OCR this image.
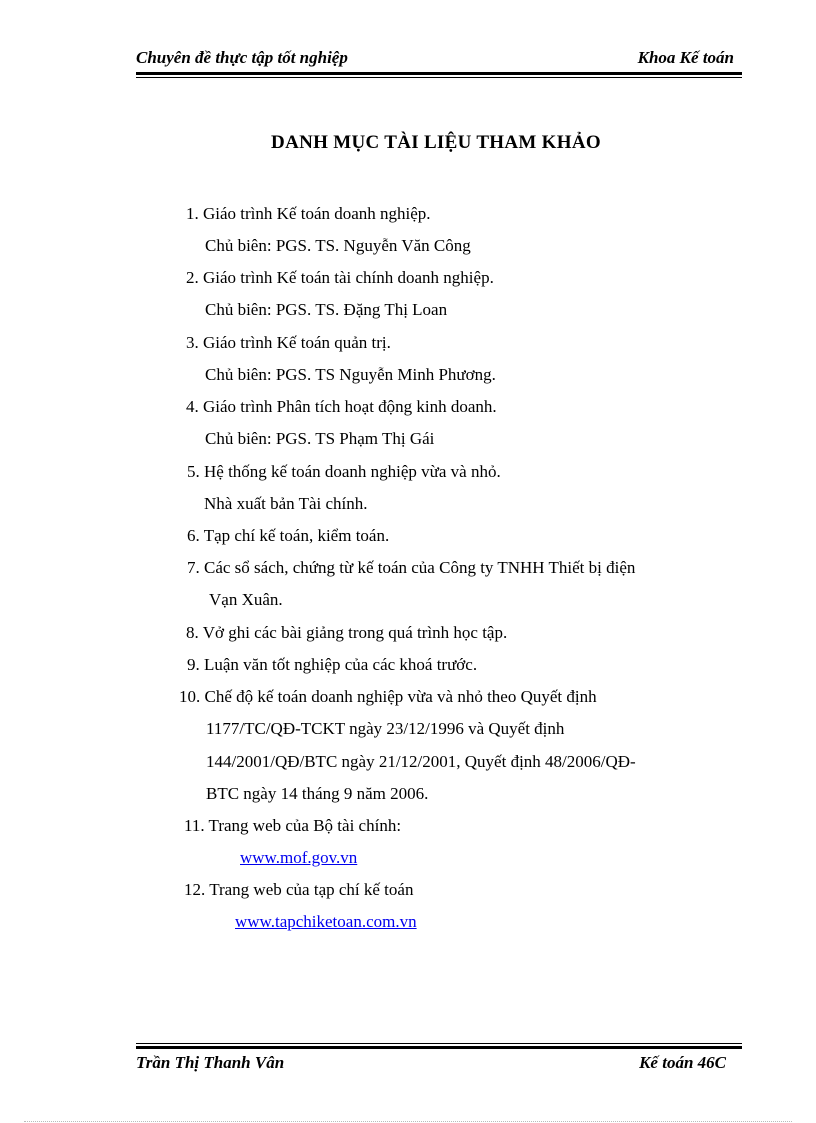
Chuyên đề thực tập tốt nghiệp	Khoa Kế toán
DANH MỤC TÀI LIỆU THAM KHẢO
1. Giáo trình Kế toán doanh nghiệp.
Chủ biên: PGS. TS. Nguyễn Văn Công
2. Giáo trình Kế toán tài chính doanh nghiệp.
Chủ biên: PGS. TS. Đặng Thị Loan
3. Giáo trình Kế toán quản trị.
Chủ biên: PGS. TS Nguyễn Minh Phương.
4. Giáo trình Phân tích hoạt động kinh doanh.
Chủ biên: PGS. TS Phạm Thị Gái
5. Hệ thống kế toán doanh nghiệp vừa và nhỏ.
Nhà xuất bản Tài chính.
6. Tạp chí kế toán, kiểm toán.
7. Các sổ sách, chứng từ kế toán của Công ty TNHH Thiết bị điện
Vạn Xuân.
8. Vở ghi các bài giảng trong quá trình học tập.
9. Luận văn tốt nghiệp của các khoá trước.
10. Chế độ kế toán doanh nghiệp vừa và nhỏ theo Quyết định
1177/TC/QĐ-TCKT ngày 23/12/1996 và Quyết định
144/2001/QĐ/BTC ngày 21/12/2001, Quyết định 48/2006/QĐ-
BTC ngày 14 tháng 9 năm 2006.
11. Trang web của Bộ tài chính:
www.mof.gov.vn
12. Trang web của tạp chí kế toán
www.tapchiketoan.com.vn
Trần Thị Thanh Vân	Kế toán 46C
